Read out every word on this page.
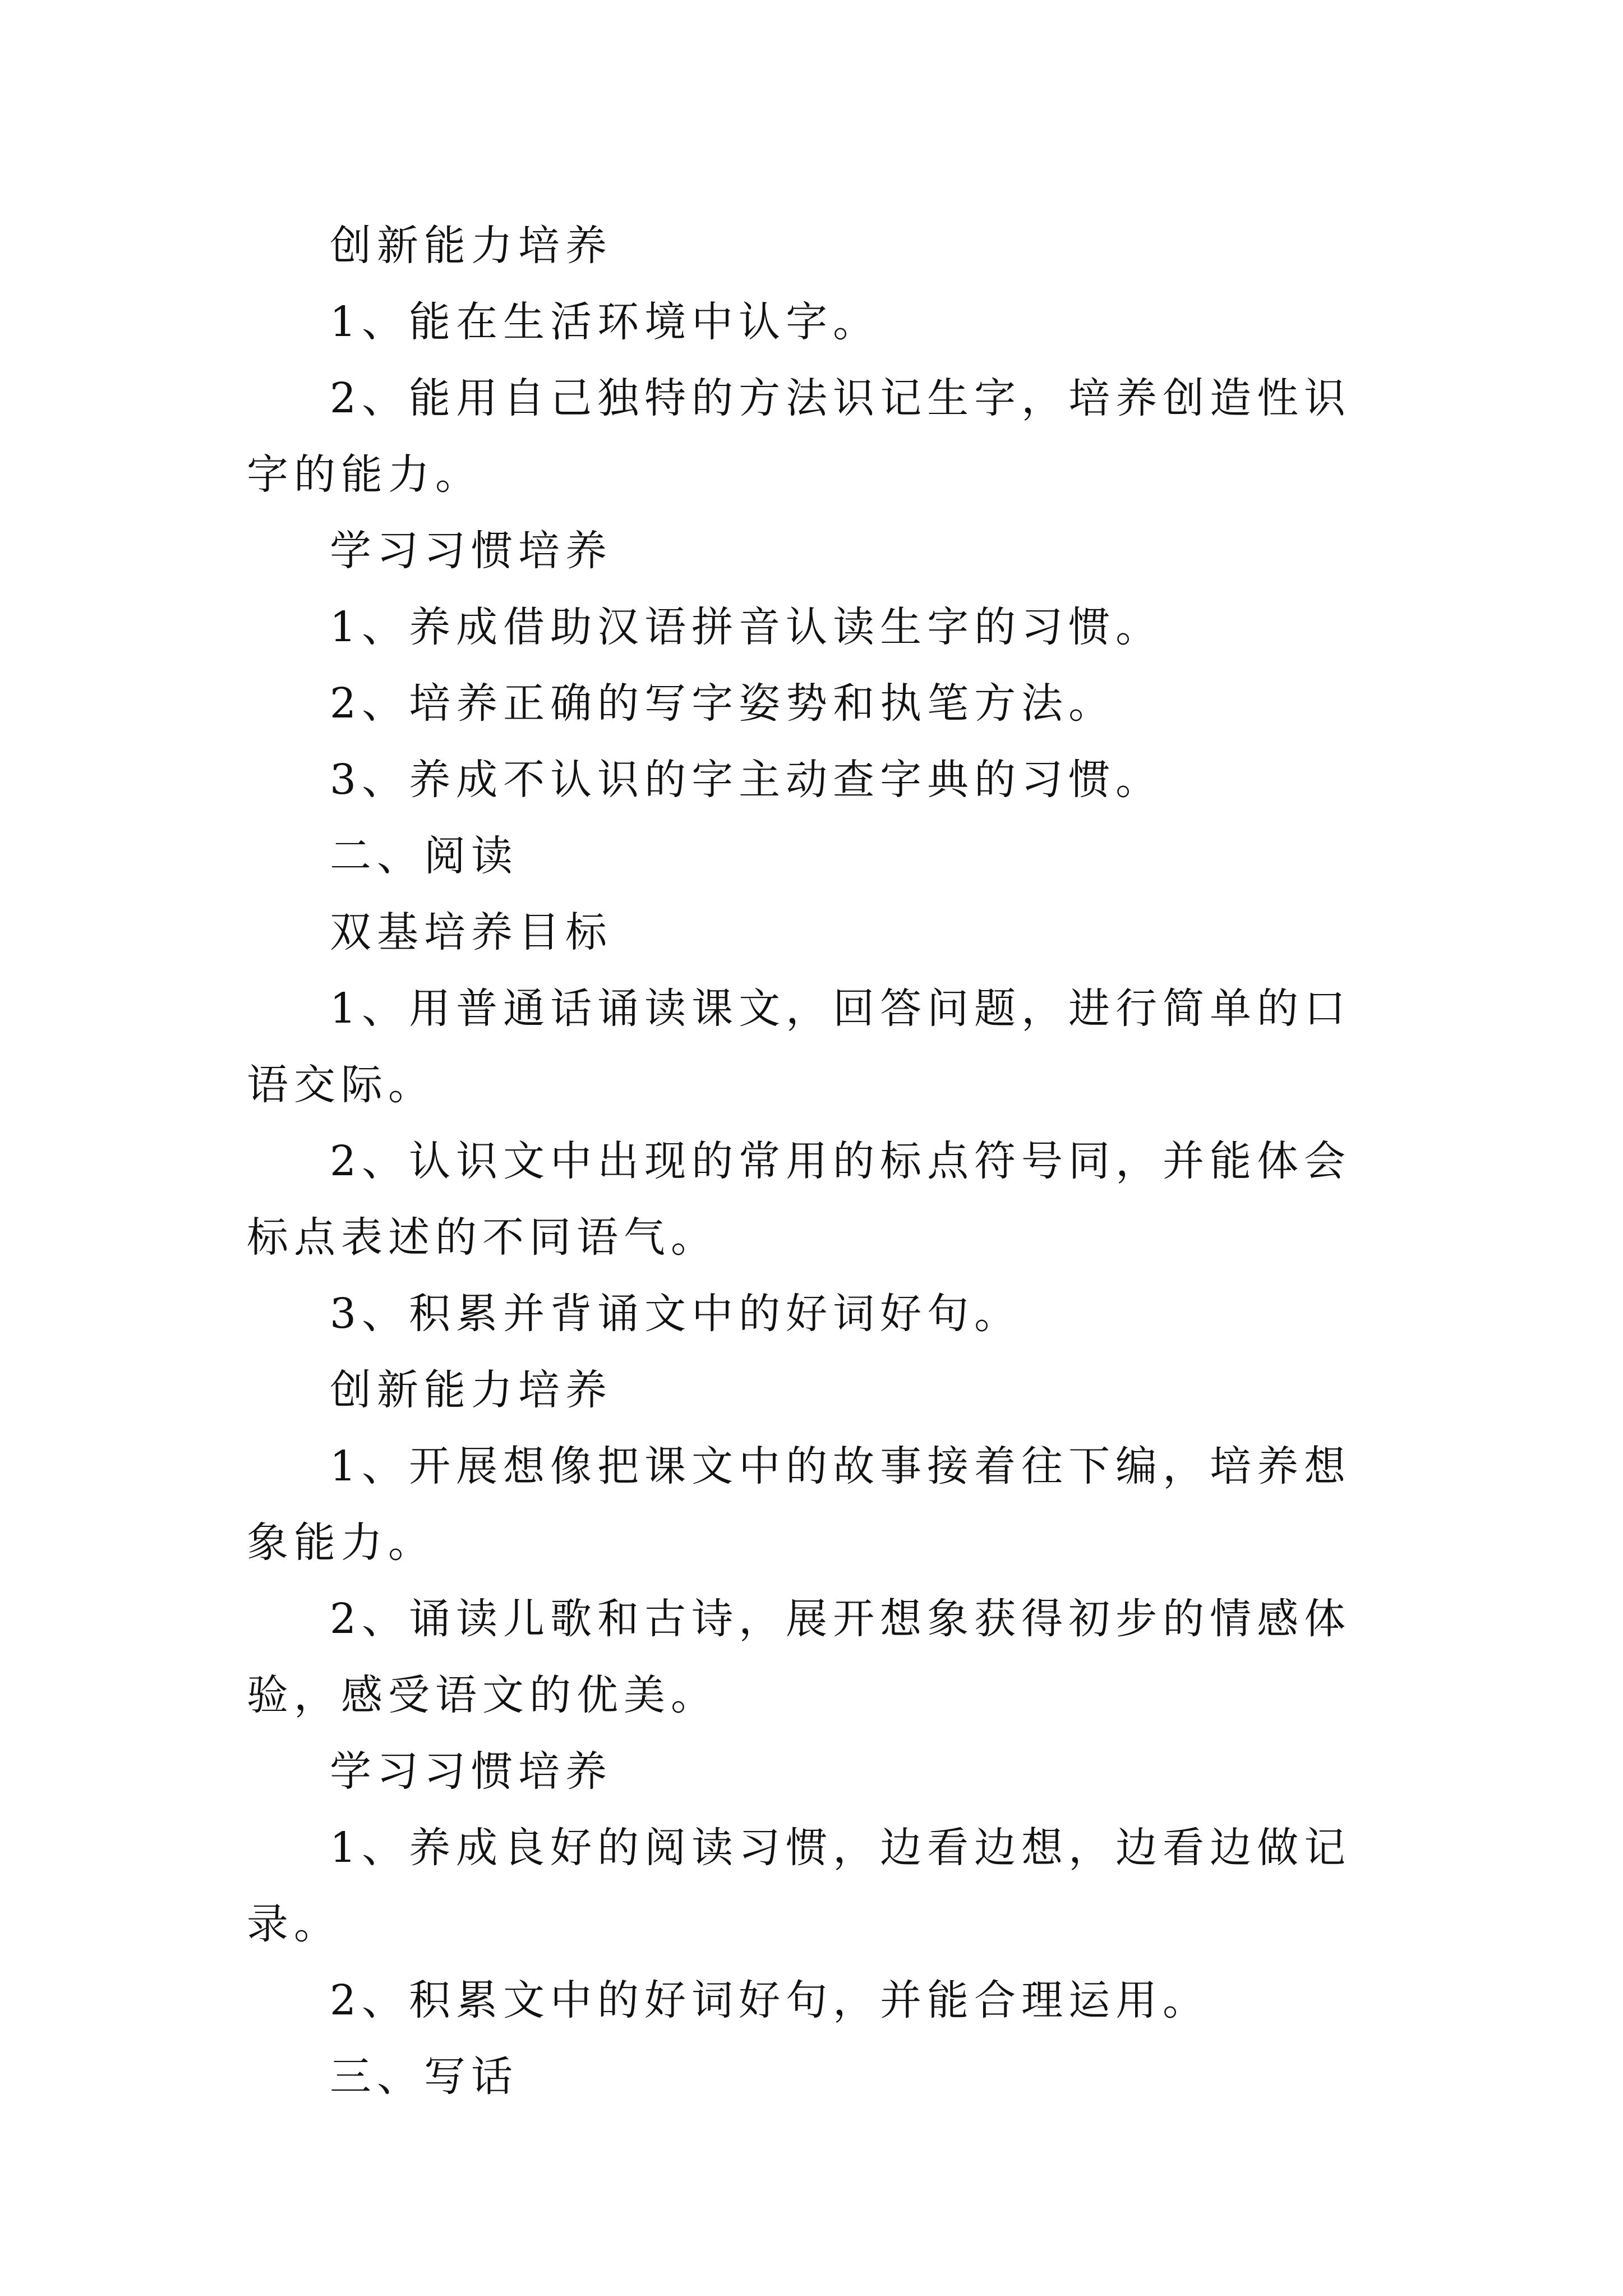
创新能力培养

1、能在生活环境中认字。

2、能用自己独特的方法识记生字，培养创造性识字的能力。

学习习惯培养

1、养成借助汉语拼音认读生字的习惯。

2、培养正确的写字姿势和执笔方法。

3、养成不认识的字主动查字典的习惯。

二、阅读

双基培养目标

1、用普通话诵读课文，回答问题，进行简单的口语交际。

2、认识文中出现的常用的标点符号同，并能体会标点表述的不同语气。

3、积累并背诵文中的好词好句。

创新能力培养

1、开展想像把课文中的故事接着往下编，培养想象能力。

2、诵读儿歌和古诗，展开想象获得初步的情感体验，感受语文的优美。

学习习惯培养

1、养成良好的阅读习惯，边看边想，边看边做记录。

2、积累文中的好词好句，并能合理运用。

三、写话
